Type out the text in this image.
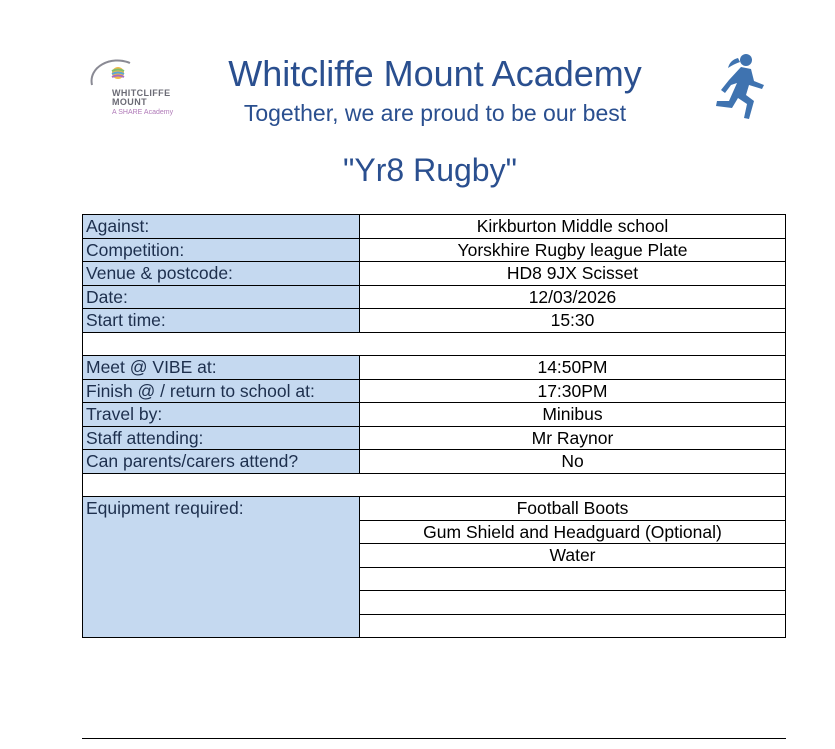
WHITCLIFFE
MOUNT
A SHARE Academy
Whitcliffe Mount Academy
Together, we are proud to be our best
"Yr8 Rugby"
Against:	Kirkburton Middle school
Competition:	Yorskhire Rugby league Plate
Venue & postcode:	HD8 9JX Scisset
Date:	12/03/2026
Start time:	15:30

Meet @ VIBE at:	14:50PM
Finish @ / return to school at:	17:30PM
Travel by:	Minibus
Staff attending:	Mr Raynor
Can parents/carers attend?	No

Equipment required:	Football Boots
	Gum Shield and Headguard (Optional)
	Water
